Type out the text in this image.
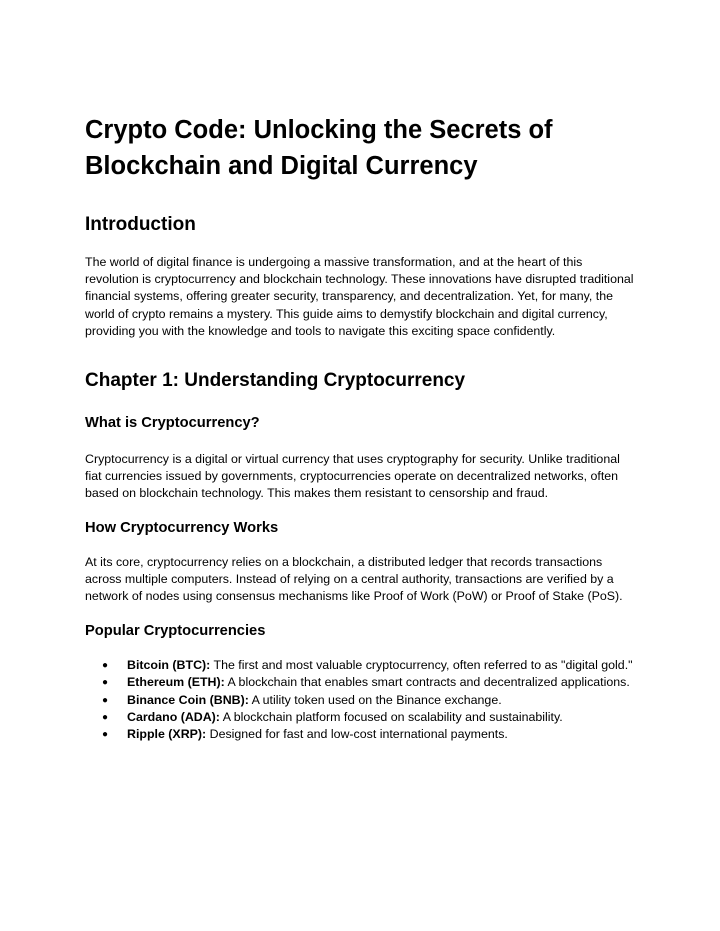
Crypto Code: Unlocking the Secrets of Blockchain and Digital Currency
Introduction

The world of digital finance is undergoing a massive transformation, and at the heart of this revolution is cryptocurrency and blockchain technology. These innovations have disrupted traditional financial systems, offering greater security, transparency, and decentralization. Yet, for many, the world of crypto remains a mystery. This guide aims to demystify blockchain and digital currency, providing you with the knowledge and tools to navigate this exciting space confidently.

Chapter 1: Understanding Cryptocurrency
What is Cryptocurrency?

Cryptocurrency is a digital or virtual currency that uses cryptography for security. Unlike traditional fiat currencies issued by governments, cryptocurrencies operate on decentralized networks, often based on blockchain technology. This makes them resistant to censorship and fraud.

How Cryptocurrency Works

At its core, cryptocurrency relies on a blockchain, a distributed ledger that records transactions across multiple computers. Instead of relying on a central authority, transactions are verified by a network of nodes using consensus mechanisms like Proof of Work (PoW) or Proof of Stake (PoS).

Popular Cryptocurrencies
● Bitcoin (BTC): The first and most valuable cryptocurrency, often referred to as "digital gold."
● Ethereum (ETH): A blockchain that enables smart contracts and decentralized applications.
● Binance Coin (BNB): A utility token used on the Binance exchange.
● Cardano (ADA): A blockchain platform focused on scalability and sustainability.
● Ripple (XRP): Designed for fast and low-cost international payments.
